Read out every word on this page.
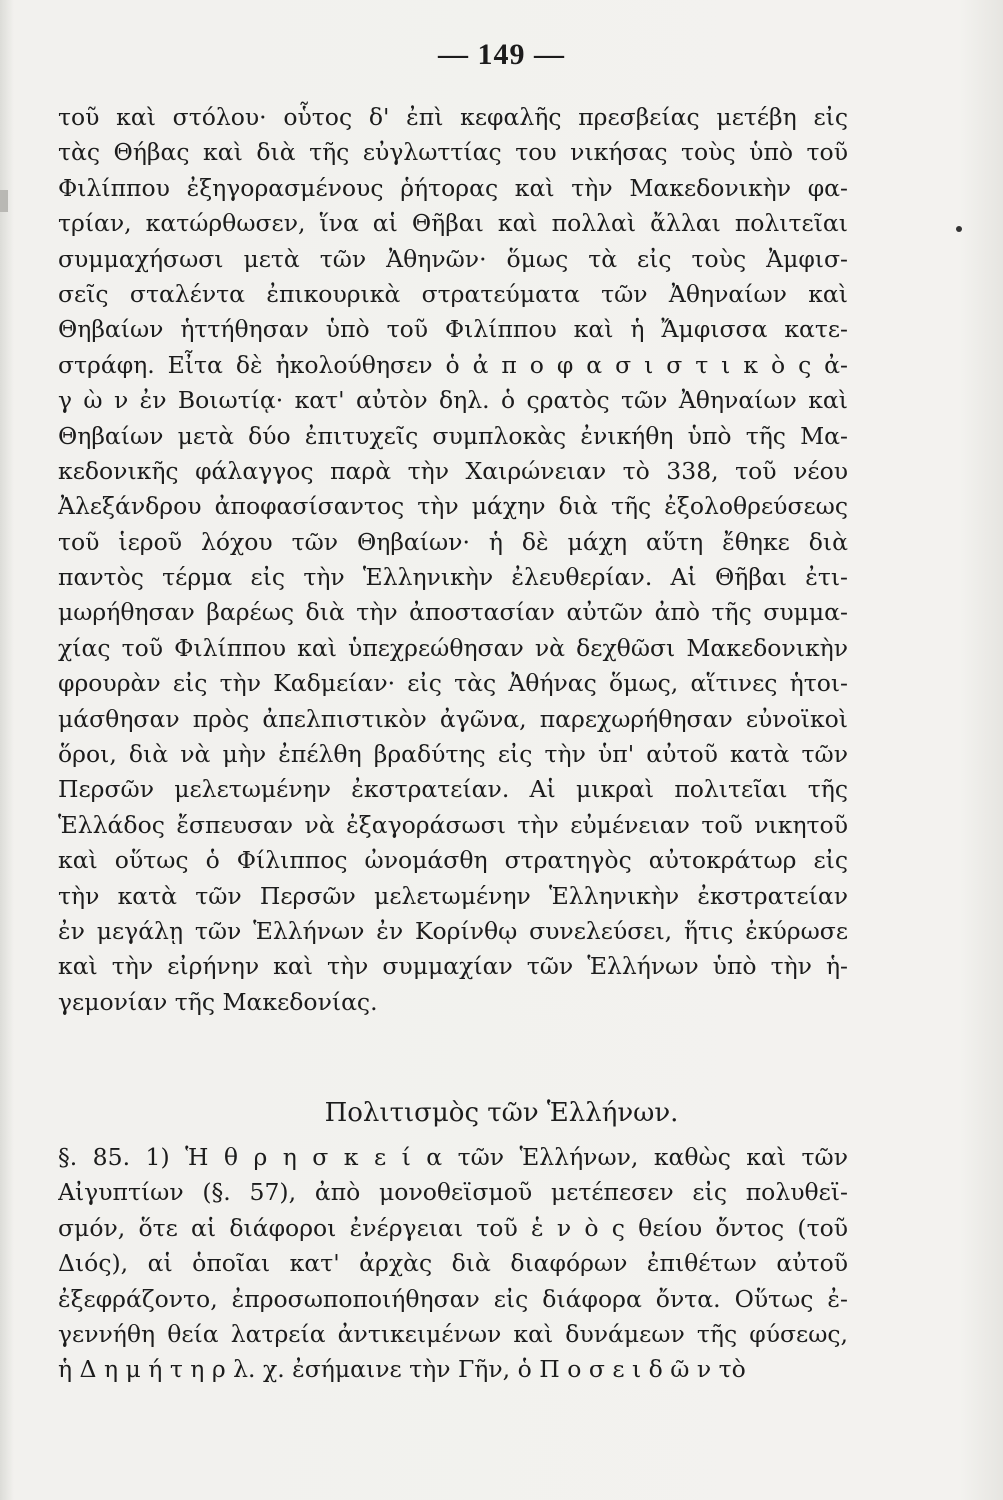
— 149 —
τοῦ καὶ στόλου· οὗτος δ' ἐπὶ κεφαλῆς πρεσβείας μετέβη εἰς
τὰς Θήβας καὶ διὰ τῆς εὐγλωττίας του νικήσας τοὺς ὑπὸ τοῦ
Φιλίππου ἐξηγορασμένους ῥήτορας καὶ τὴν Μακεδονικὴν φα-
τρίαν, κατώρθωσεν, ἵνα αἱ Θῆβαι καὶ πολλαὶ ἄλλαι πολιτεῖαι
συμμαχήσωσι μετὰ τῶν Ἀθηνῶν· ὅμως τὰ εἰς τοὺς Ἀμφισ-
σεῖς σταλέντα ἐπικουρικὰ στρατεύματα τῶν Ἀθηναίων καὶ
Θηβαίων ἡττήθησαν ὑπὸ τοῦ Φιλίππου καὶ ἡ Ἄμφισσα κατε-
στράφη. Εἶτα δὲ ἠκολούθησεν ὁ ἀ π ο φ α σ ι σ τ ι κ ὸ ς ἀ-
γ ὼ ν ἐν Βοιωτίᾳ· κατ' αὐτὸν δηλ. ὁ ςρατὸς τῶν Ἀθηναίων καὶ
Θηβαίων μετὰ δύο ἐπιτυχεῖς συμπλοκὰς ἐνικήθη ὑπὸ τῆς Μα-
κεδονικῆς φάλαγγος παρὰ τὴν Χαιρώνειαν τὸ 338, τοῦ νέου
Ἀλεξάνδρου ἀποφασίσαντος τὴν μάχην διὰ τῆς ἐξολοθρεύσεως
τοῦ ἱεροῦ λόχου τῶν Θηβαίων· ἡ δὲ μάχη αὕτη ἔθηκε διὰ
παντὸς τέρμα εἰς τὴν Ἑλληνικὴν ἐλευθερίαν. Αἱ Θῆβαι ἐτι-
μωρήθησαν βαρέως διὰ τὴν ἀποστασίαν αὐτῶν ἀπὸ τῆς συμμα-
χίας τοῦ Φιλίππου καὶ ὑπεχρεώθησαν νὰ δεχθῶσι Μακεδονικὴν
φρουρὰν εἰς τὴν Καδμείαν· εἰς τὰς Ἀθήνας ὅμως, αἵτινες ἡτοι-
μάσθησαν πρὸς ἀπελπιστικὸν ἀγῶνα, παρεχωρήθησαν εὐνοϊκοὶ
ὅροι, διὰ νὰ μὴν ἐπέλθη βραδύτης εἰς τὴν ὑπ' αὐτοῦ κατὰ τῶν
Περσῶν μελετωμένην ἐκστρατείαν. Αἱ μικραὶ πολιτεῖαι τῆς
Ἑλλάδος ἔσπευσαν νὰ ἐξαγοράσωσι τὴν εὐμένειαν τοῦ νικητοῦ
καὶ οὕτως ὁ Φίλιππος ὠνομάσθη στρατηγὸς αὐτοκράτωρ εἰς
τὴν κατὰ τῶν Περσῶν μελετωμένην Ἑλληνικὴν ἐκστρατείαν
ἐν μεγάλῃ τῶν Ἑλλήνων ἐν Κορίνθῳ συνελεύσει, ἥτις ἐκύρωσε
καὶ τὴν εἰρήνην καὶ τὴν συμμαχίαν τῶν Ἑλλήνων ὑπὸ τὴν ἡ-
γεμονίαν τῆς Μακεδονίας.
Πολιτισμὸς τῶν Ἑλλήνων.
§. 85. 1) Ἡ θ ρ η σ κ ε ί α τῶν Ἑλλήνων, καθὼς καὶ τῶν
Αἰγυπτίων (§. 57), ἀπὸ μονοθεϊσμοῦ μετέπεσεν εἰς πολυθεϊ-
σμόν, ὅτε αἱ διάφοροι ἐνέργειαι τοῦ ἑ ν ὸ ς θείου ὄντος (τοῦ
Διός), αἱ ὁποῖαι κατ' ἀρχὰς διὰ διαφόρων ἐπιθέτων αὐτοῦ
ἐξεφράζοντο, ἐπροσωποποιήθησαν εἰς διάφορα ὄντα. Οὕτως ἐ-
γεννήθη θεία λατρεία ἀντικειμένων καὶ δυνάμεων τῆς φύσεως,
ἡ Δ η μ ή τ η ρ λ. χ. ἐσήμαινε τὴν Γῆν, ὁ Π ο σ ε ι δ ῶ ν τὸ
